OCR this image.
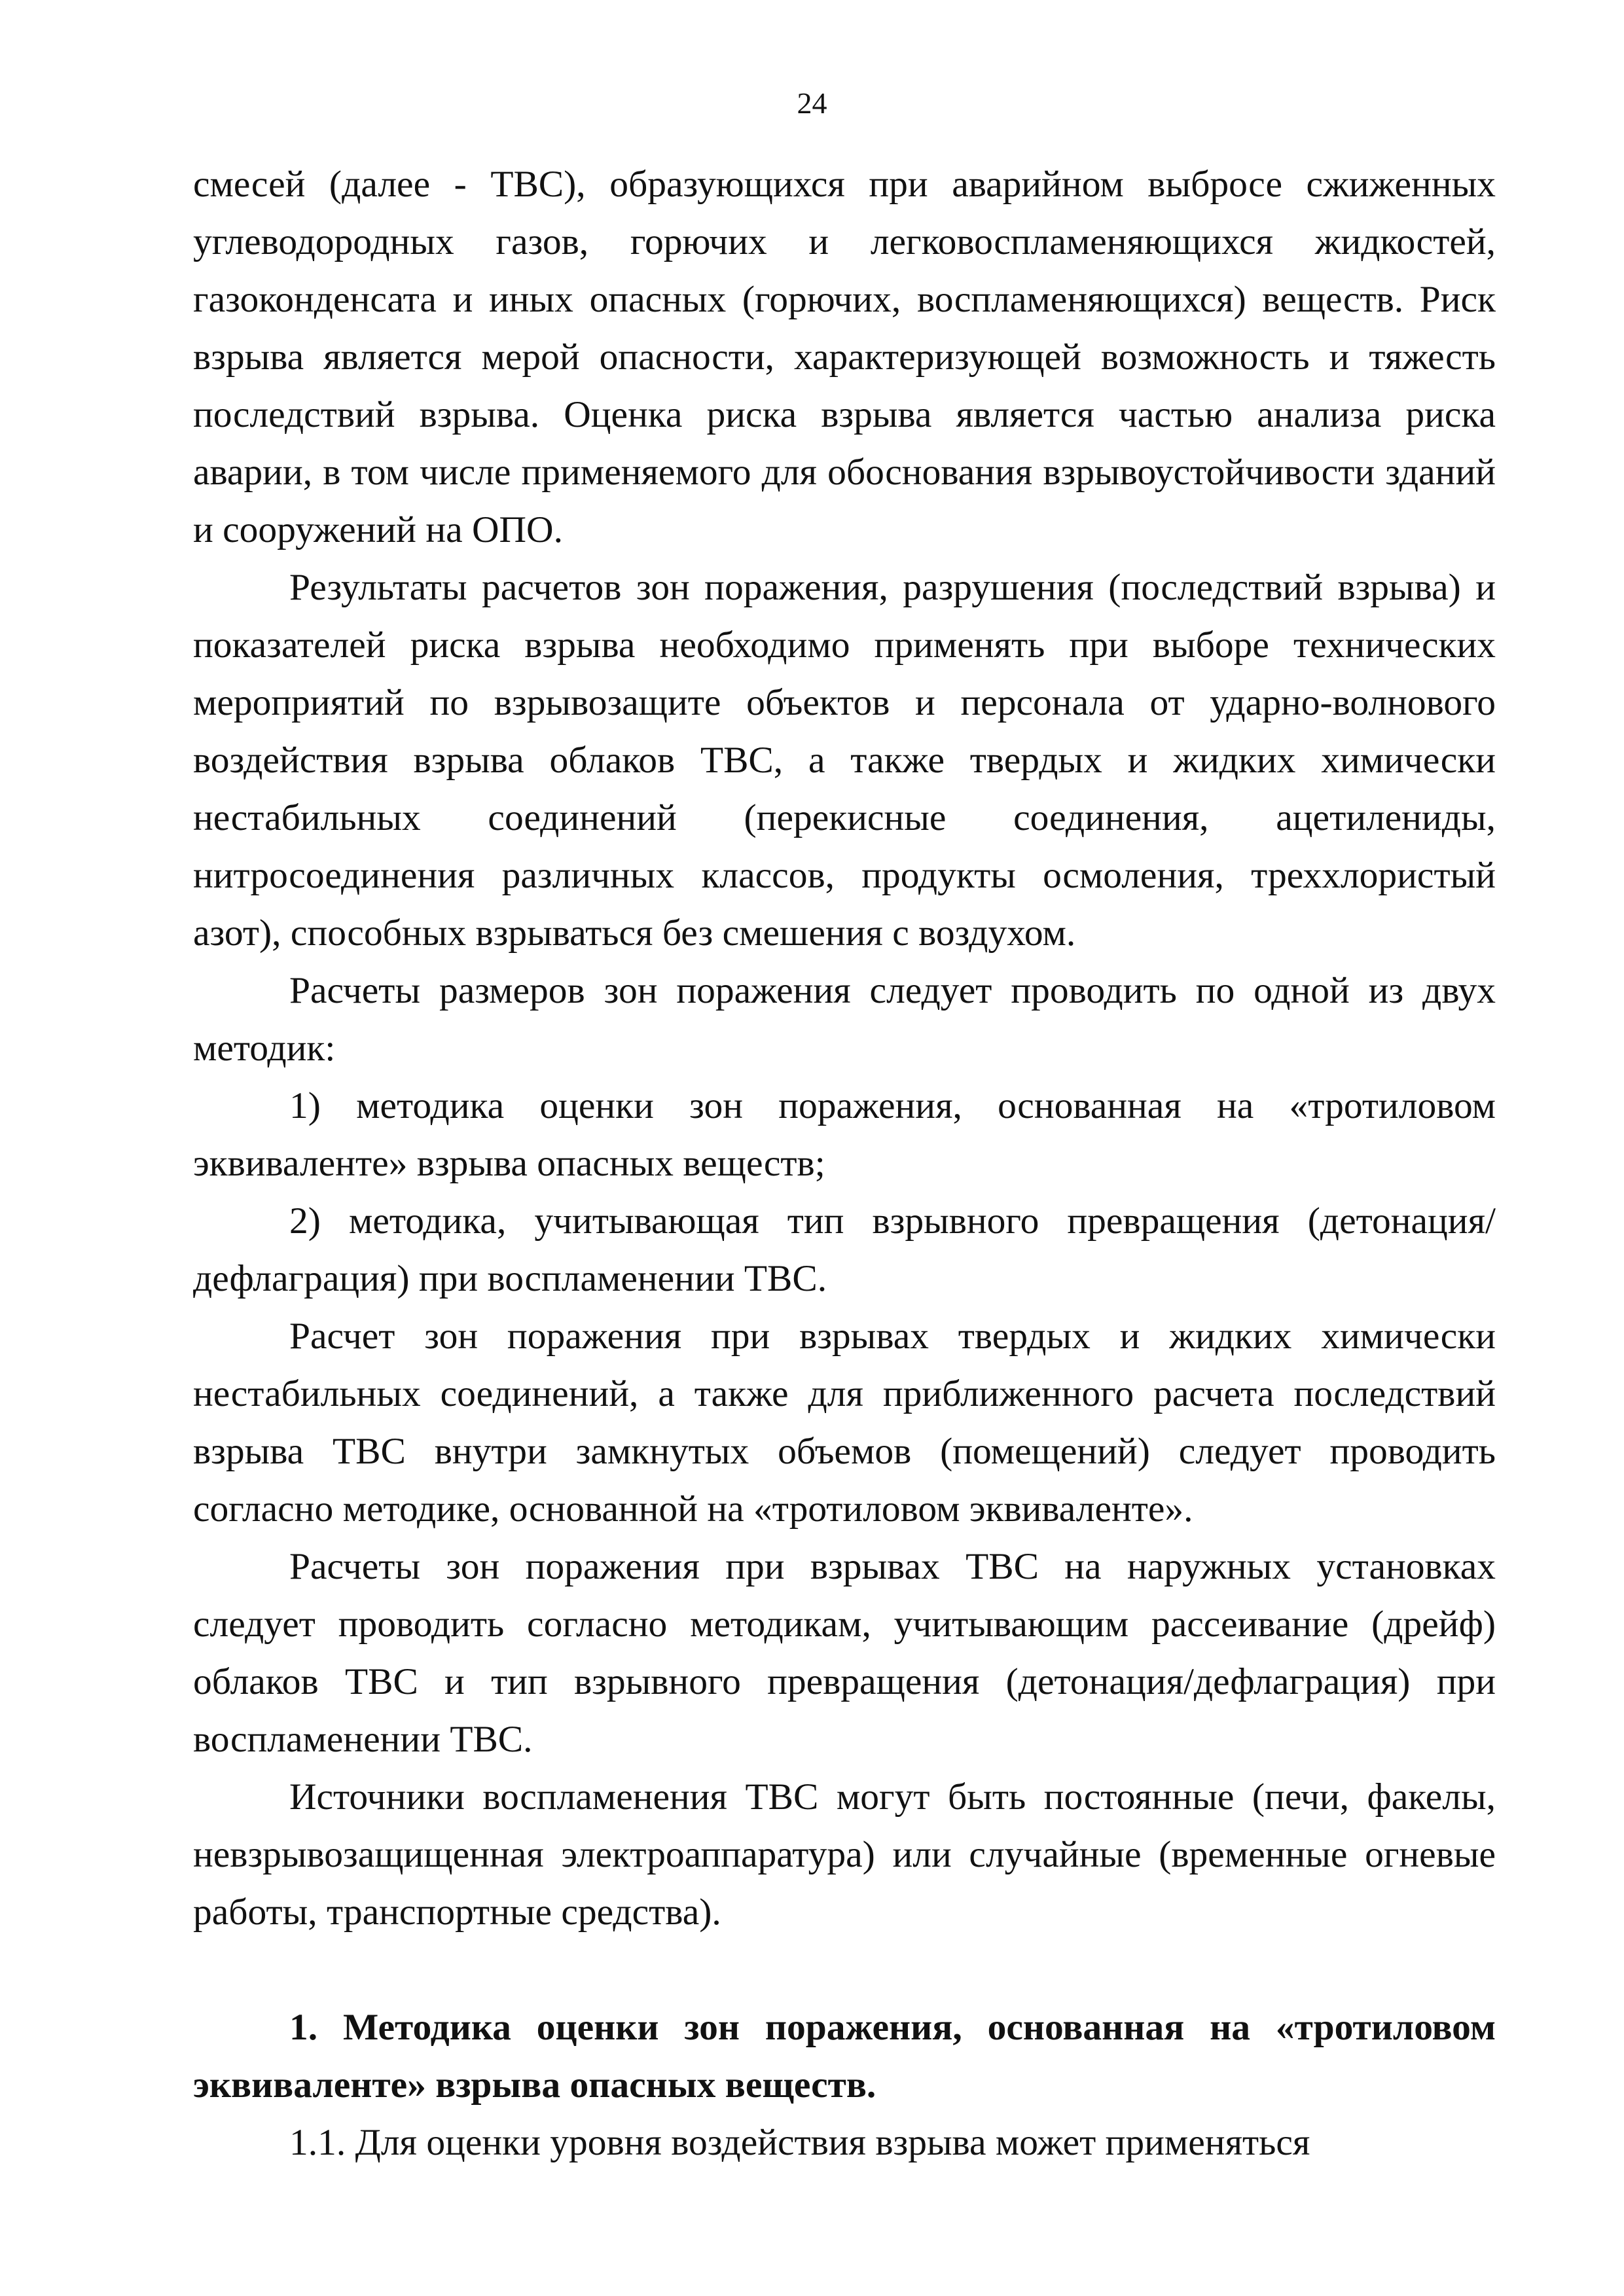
24

смесей (далее - ТВС), образующихся при аварийном выбросе сжиженных углеводородных газов, горючих и легковоспламеняющихся жидкостей, газоконденсата и иных опасных (горючих, воспламеняющихся) веществ. Риск взрыва является мерой опасности, характеризующей возможность и тяжесть последствий взрыва. Оценка риска взрыва является частью анализа риска аварии, в том числе применяемого для обоснования взрывоустойчивости зданий и сооружений на ОПО.

Результаты расчетов зон поражения, разрушения (последствий взрыва) и показателей риска взрыва необходимо применять при выборе технических мероприятий по взрывозащите объектов и персонала от ударно-волнового воздействия взрыва облаков ТВС, а также твердых и жидких химически нестабильных соединений (перекисные соединения, ацетилениды, нитросоединения различных классов, продукты осмоления, треххлористый азот), способных взрываться без смешения с воздухом.

Расчеты размеров зон поражения следует проводить по одной из двух методик:

1) методика оценки зон поражения, основанная на «тротиловом эквиваленте» взрыва опасных веществ;

2) методика, учитывающая тип взрывного превращения (детонация/дефлаграция) при воспламенении ТВС.

Расчет зон поражения при взрывах твердых и жидких химически нестабильных соединений, а также для приближенного расчета последствий взрыва ТВС внутри замкнутых объемов (помещений) следует проводить согласно методике, основанной на «тротиловом эквиваленте».

Расчеты зон поражения при взрывах ТВС на наружных установках следует проводить согласно методикам, учитывающим рассеивание (дрейф) облаков ТВС и тип взрывного превращения (детонация/дефлаграция) при воспламенении ТВС.

Источники воспламенения ТВС могут быть постоянные (печи, факелы, невзрывозащищенная электроаппаратура) или случайные (временные огневые работы, транспортные средства).

1. Методика оценки зон поражения, основанная на «тротиловом эквиваленте» взрыва опасных веществ.

1.1. Для оценки уровня воздействия взрыва может применяться
